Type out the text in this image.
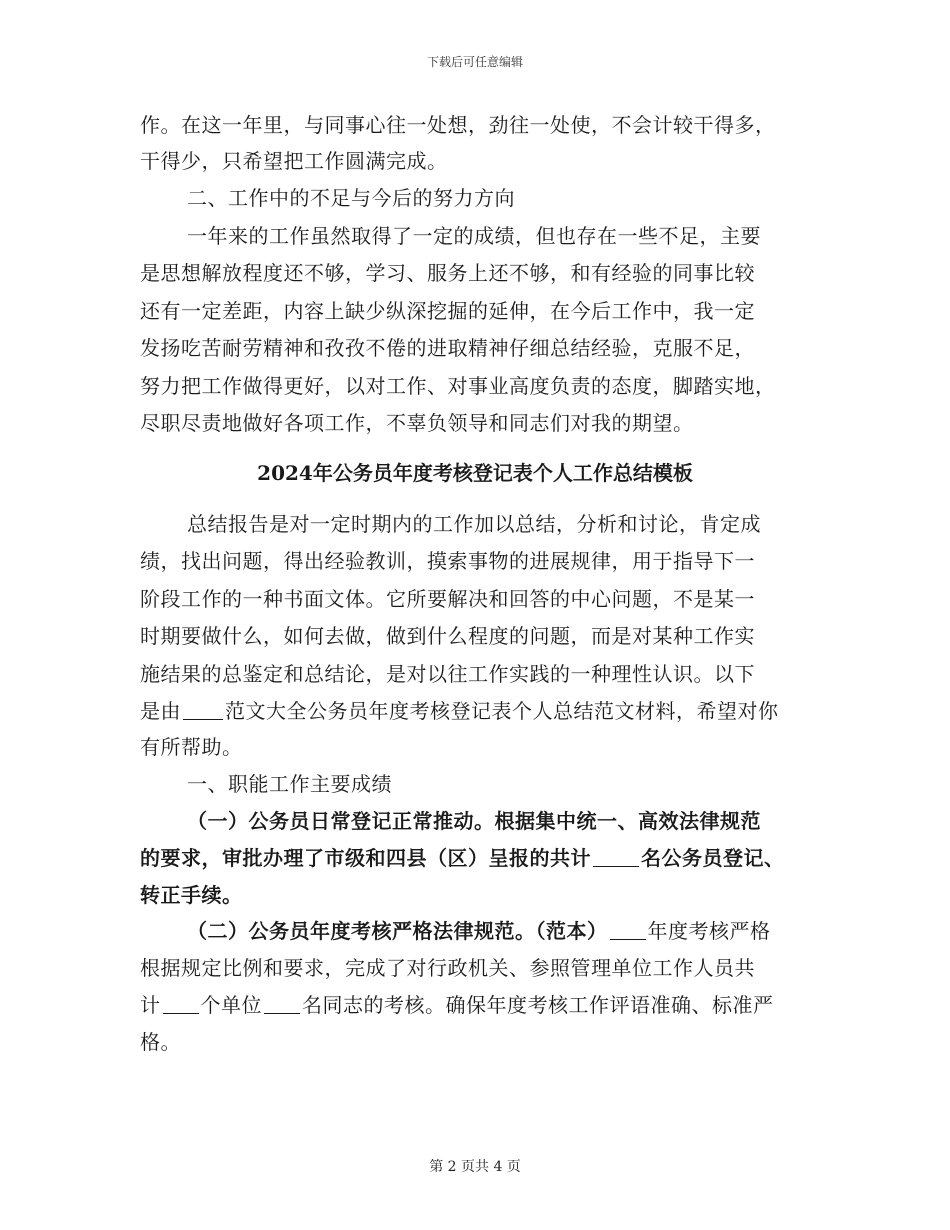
下载后可任意编辑
作。在这一年里，与同事心往一处想，劲往一处使，不会计较干得多，
干得少，只希望把工作圆满完成。
二、工作中的不足与今后的努力方向
一年来的工作虽然取得了一定的成绩，但也存在一些不足，主要
是思想解放程度还不够，学习、服务上还不够，和有经验的同事比较
还有一定差距，内容上缺少纵深挖掘的延伸，在今后工作中，我一定
发扬吃苦耐劳精神和孜孜不倦的进取精神仔细总结经验，克服不足，
努力把工作做得更好，以对工作、对事业高度负责的态度，脚踏实地，
尽职尽责地做好各项工作，不辜负领导和同志们对我的期望。
2024年公务员年度考核登记表个人工作总结模板
总结报告是对一定时期内的工作加以总结，分析和讨论，肯定成
绩，找出问题，得出经验教训，摸索事物的进展规律，用于指导下一
阶段工作的一种书面文体。它所要解决和回答的中心问题，不是某一
时期要做什么，如何去做，做到什么程度的问题，而是对某种工作实
施结果的总鉴定和总结论，是对以往工作实践的一种理性认识。以下
是由 范文大全公务员年度考核登记表个人总结范文材料，希望对你
有所帮助。
一、职能工作主要成绩
（一）公务员日常登记正常推动。根据集中统一、高效法律规范
的要求，审批办理了市级和四县（区）呈报的共计	名公务员登记、
转正手续。
（二）公务员年度考核严格法律规范。（范本） 年度考核严格
根据规定比例和要求，完成了对行政机关、参照管理单位工作人员共
计 个单位 名同志的考核。确保年度考核工作评语准确、标准严
格。
第 2 页共 4 页
